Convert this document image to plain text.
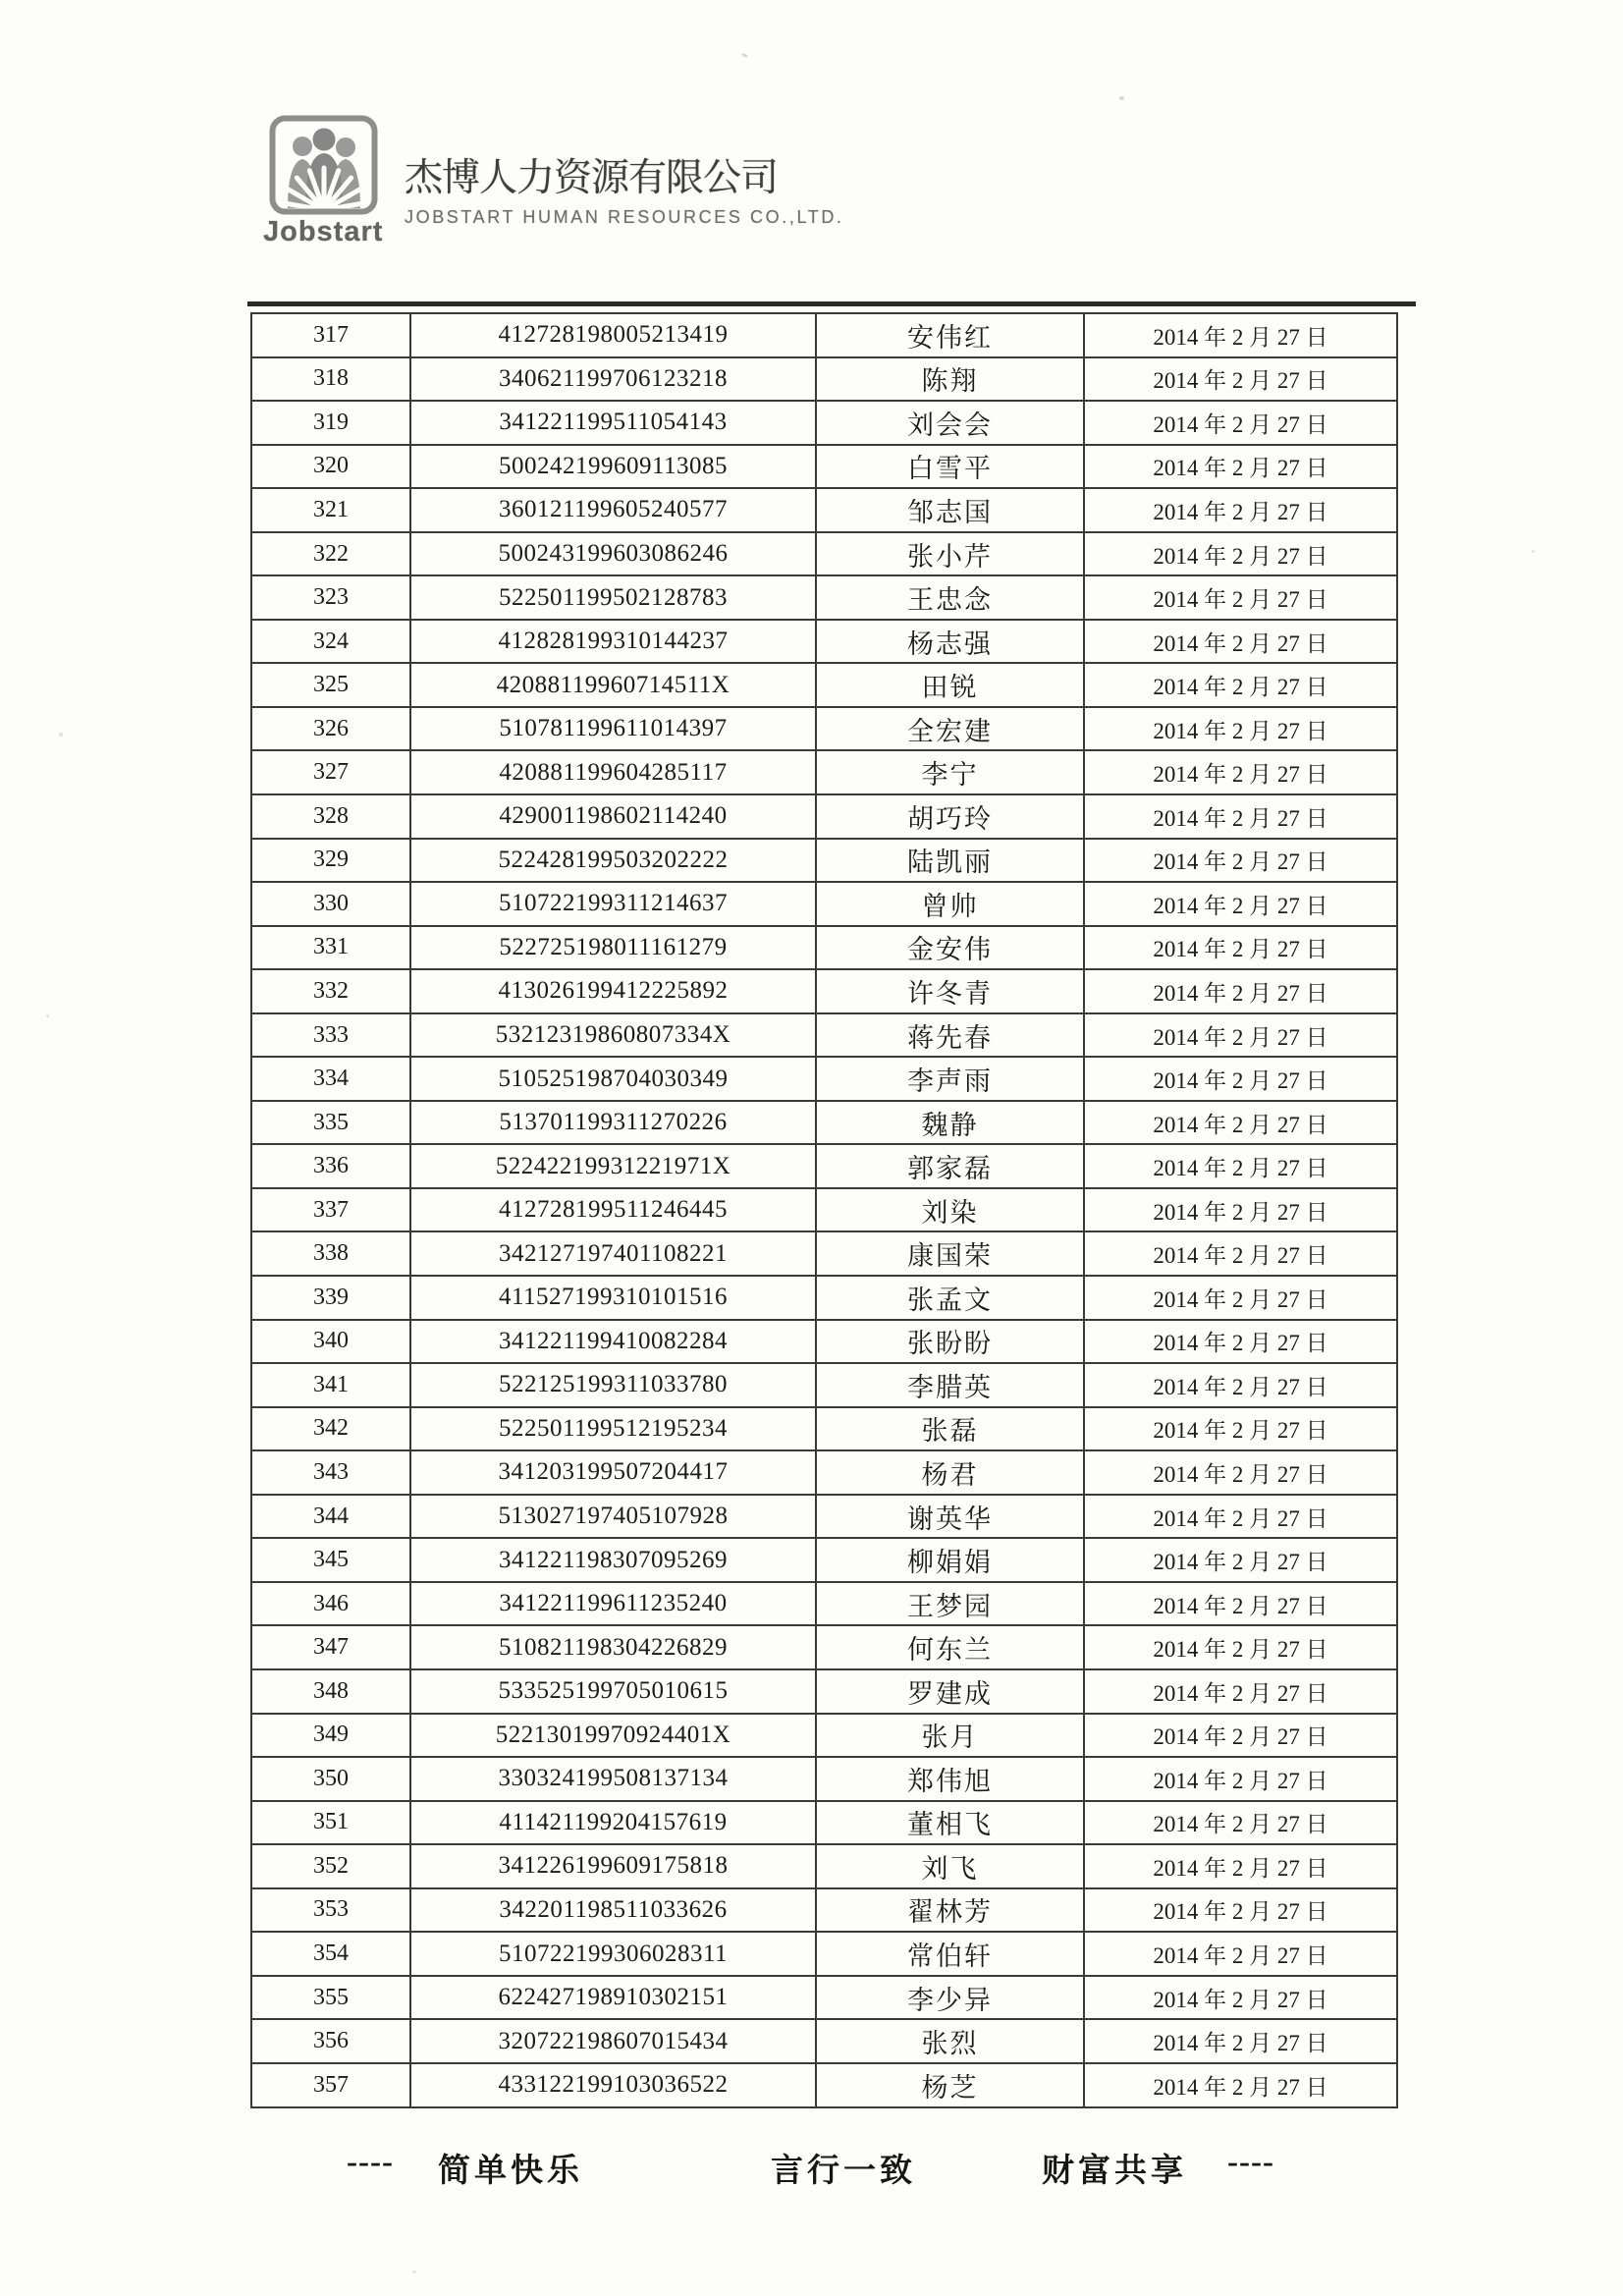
Jobstart
杰博人力资源有限公司
JOBSTART HUMAN RESOURCES CO.,LTD.
317	412728198005213419	安伟红	2014 年 2 月 27 日
318	340621199706123218	陈翔	2014 年 2 月 27 日
319	341221199511054143	刘会会	2014 年 2 月 27 日
320	500242199609113085	白雪平	2014 年 2 月 27 日
321	360121199605240577	邹志国	2014 年 2 月 27 日
322	500243199603086246	张小芹	2014 年 2 月 27 日
323	522501199502128783	王忠念	2014 年 2 月 27 日
324	412828199310144237	杨志强	2014 年 2 月 27 日
325	42088119960714511X	田锐	2014 年 2 月 27 日
326	510781199611014397	全宏建	2014 年 2 月 27 日
327	420881199604285117	李宁	2014 年 2 月 27 日
328	429001198602114240	胡巧玲	2014 年 2 月 27 日
329	522428199503202222	陆凯丽	2014 年 2 月 27 日
330	510722199311214637	曾帅	2014 年 2 月 27 日
331	522725198011161279	金安伟	2014 年 2 月 27 日
332	413026199412225892	许冬青	2014 年 2 月 27 日
333	53212319860807334X	蒋先春	2014 年 2 月 27 日
334	510525198704030349	李声雨	2014 年 2 月 27 日
335	513701199311270226	魏静	2014 年 2 月 27 日
336	52242219931221971X	郭家磊	2014 年 2 月 27 日
337	412728199511246445	刘染	2014 年 2 月 27 日
338	342127197401108221	康国荣	2014 年 2 月 27 日
339	411527199310101516	张孟文	2014 年 2 月 27 日
340	341221199410082284	张盼盼	2014 年 2 月 27 日
341	522125199311033780	李腊英	2014 年 2 月 27 日
342	522501199512195234	张磊	2014 年 2 月 27 日
343	341203199507204417	杨君	2014 年 2 月 27 日
344	513027197405107928	谢英华	2014 年 2 月 27 日
345	341221198307095269	柳娟娟	2014 年 2 月 27 日
346	341221199611235240	王梦园	2014 年 2 月 27 日
347	510821198304226829	何东兰	2014 年 2 月 27 日
348	533525199705010615	罗建成	2014 年 2 月 27 日
349	52213019970924401X	张月	2014 年 2 月 27 日
350	330324199508137134	郑伟旭	2014 年 2 月 27 日
351	411421199204157619	董相飞	2014 年 2 月 27 日
352	341226199609175818	刘飞	2014 年 2 月 27 日
353	342201198511033626	翟林芳	2014 年 2 月 27 日
354	510722199306028311	常伯轩	2014 年 2 月 27 日
355	622427198910302151	李少异	2014 年 2 月 27 日
356	320722198607015434	张烈	2014 年 2 月 27 日
357	433122199103036522	杨芝	2014 年 2 月 27 日
---- 简单快乐	言行一致	财富共享 ----
